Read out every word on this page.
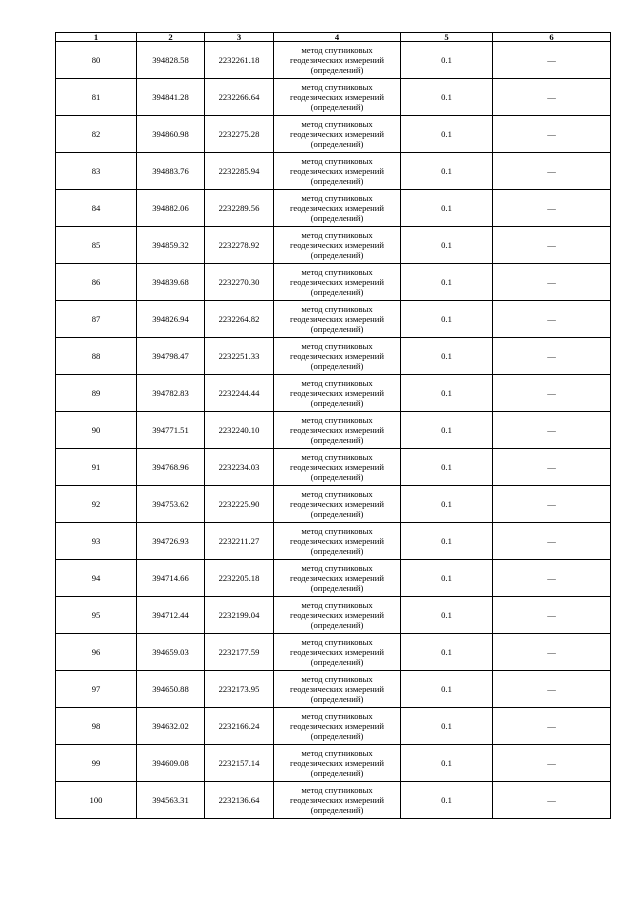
1	2	3	4	5	6
80	394828.58	2232261.18	метод спутниковых
геодезических измерений
(определений)	0.1	—
81	394841.28	2232266.64	метод спутниковых
геодезических измерений
(определений)	0.1	—
82	394860.98	2232275.28	метод спутниковых
геодезических измерений
(определений)	0.1	—
83	394883.76	2232285.94	метод спутниковых
геодезических измерений
(определений)	0.1	—
84	394882.06	2232289.56	метод спутниковых
геодезических измерений
(определений)	0.1	—
85	394859.32	2232278.92	метод спутниковых
геодезических измерений
(определений)	0.1	—
86	394839.68	2232270.30	метод спутниковых
геодезических измерений
(определений)	0.1	—
87	394826.94	2232264.82	метод спутниковых
геодезических измерений
(определений)	0.1	—
88	394798.47	2232251.33	метод спутниковых
геодезических измерений
(определений)	0.1	—
89	394782.83	2232244.44	метод спутниковых
геодезических измерений
(определений)	0.1	—
90	394771.51	2232240.10	метод спутниковых
геодезических измерений
(определений)	0.1	—
91	394768.96	2232234.03	метод спутниковых
геодезических измерений
(определений)	0.1	—
92	394753.62	2232225.90	метод спутниковых
геодезических измерений
(определений)	0.1	—
93	394726.93	2232211.27	метод спутниковых
геодезических измерений
(определений)	0.1	—
94	394714.66	2232205.18	метод спутниковых
геодезических измерений
(определений)	0.1	—
95	394712.44	2232199.04	метод спутниковых
геодезических измерений
(определений)	0.1	—
96	394659.03	2232177.59	метод спутниковых
геодезических измерений
(определений)	0.1	—
97	394650.88	2232173.95	метод спутниковых
геодезических измерений
(определений)	0.1	—
98	394632.02	2232166.24	метод спутниковых
геодезических измерений
(определений)	0.1	—
99	394609.08	2232157.14	метод спутниковых
геодезических измерений
(определений)	0.1	—
100	394563.31	2232136.64	метод спутниковых
геодезических измерений
(определений)	0.1	—
